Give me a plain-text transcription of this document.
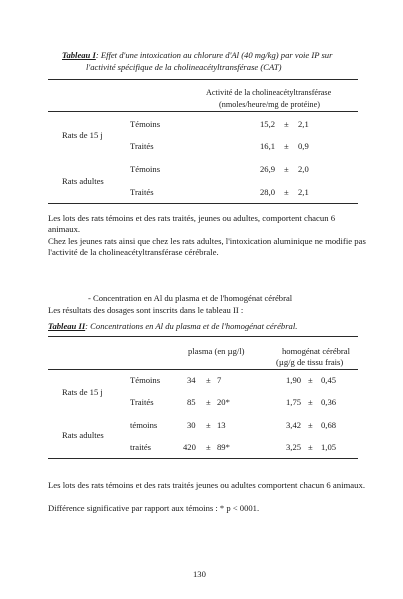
Tableau I: Effet d'une intoxication au chlorure d'Al (40 mg/kg) par voie IP sur
l'activité spécifique de la cholineacétyltransférase (CAT)
Activité de la cholineacétyltransférase
(nmoles/heure/mg de protéine)
Rats de 15 j
Témoins	15,2 ± 2,1
Traités	16,1 ± 0,9
Rats adultes
Témoins	26,9 ± 2,0
Traités	28,0 ± 2,1
Les lots des rats témoins et des rats traités, jeunes ou adultes, comportent chacun 6 animaux.
Chez les jeunes rats ainsi que chez les rats adultes, l'intoxication aluminique ne modifie pas l'activité de la cholineacétyltransférase cérébrale.
- Concentration en Al du plasma et de l'homogénat cérébral
Les résultats des dosages sont inscrits dans le tableau II :
Tableau II: Concentrations en Al du plasma et de l'homogénat cérébral.
plasma (en µg/l)	homogénat cérébral
(µg/g de tissu frais)
Rats de 15 j
Témoins	34 ± 7	1,90 ± 0,45
Traités	85 ± 20*	1,75 ± 0,36
Rats adultes
témoins	30 ± 13	3,42 ± 0,68
traités	420 ± 89*	3,25 ± 1,05
Les lots des rats témoins et des rats traités jeunes ou adultes comportent chacun 6 animaux.
Différence significative par rapport aux témoins : * p < 0001.
130
